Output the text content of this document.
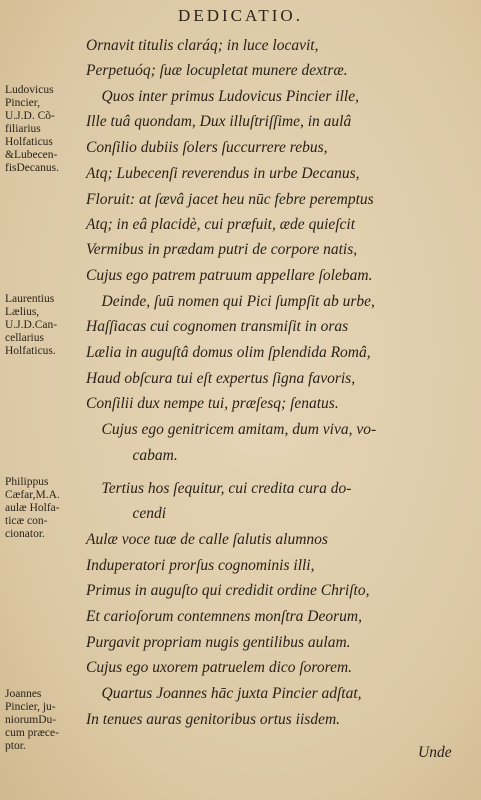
DEDICATIO.
Ludovicus
Pincier,
U.J.D. Cõ-
filiarius
Holfaticus
&Lubecen-
fisDecanus.
Laurentius
Lælius,
U.J.D.Can-
cellarius
Holfaticus.
Philippus
Cæfar,M.A.
aulæ Holfa-
ticæ con-
cionator.
Joannes
Pincier, ju-
niorumDu-
cum præce-
ptor.
Ornavit titulis claráq; in luce locavit,
Perpetuóq; ſuæ locupletat munere dextræ.
Quos inter primus Ludovicus Pincier ille,
Ille tuâ quondam, Dux illuſtriſſime, in aulâ
Conſilio dubiis ſolers ſuccurrere rebus,
Atq; Lubecenſi reverendus in urbe Decanus,
Floruit: at ſævâ jacet heu nūc febre peremptus
Atq; in eâ placidè, cui præfuit, æde quieſcit
Vermibus in prædam putri de corpore natis,
Cujus ego patrem patruum appellare ſolebam.
Deinde, ſuū nomen qui Pici ſumpſit ab urbe,
Haſſiacas cui cognomen transmiſit in oras
Lælia in auguſtâ domus olim ſplendida Româ,
Haud obſcura tui eſt expertus ſigna favoris,
Conſilii dux nempe tui, præſesq; ſenatus.
Cujus ego genitricem amitam, dum viva, vo-
cabam.
Tertius hos ſequitur, cui credita cura do-
cendi
Aulæ voce tuæ de calle ſalutis alumnos
Induperatori prorſus cognominis illi,
Primus in auguſto qui credidit ordine Chriſto,
Et carioſorum contemnens monſtra Deorum,
Purgavit propriam nugis gentilibus aulam.
Cujus ego uxorem patruelem dico ſororem.
Quartus Joannes hāc juxta Pincier adſtat,
In tenues auras genitoribus ortus iisdem.
Unde
